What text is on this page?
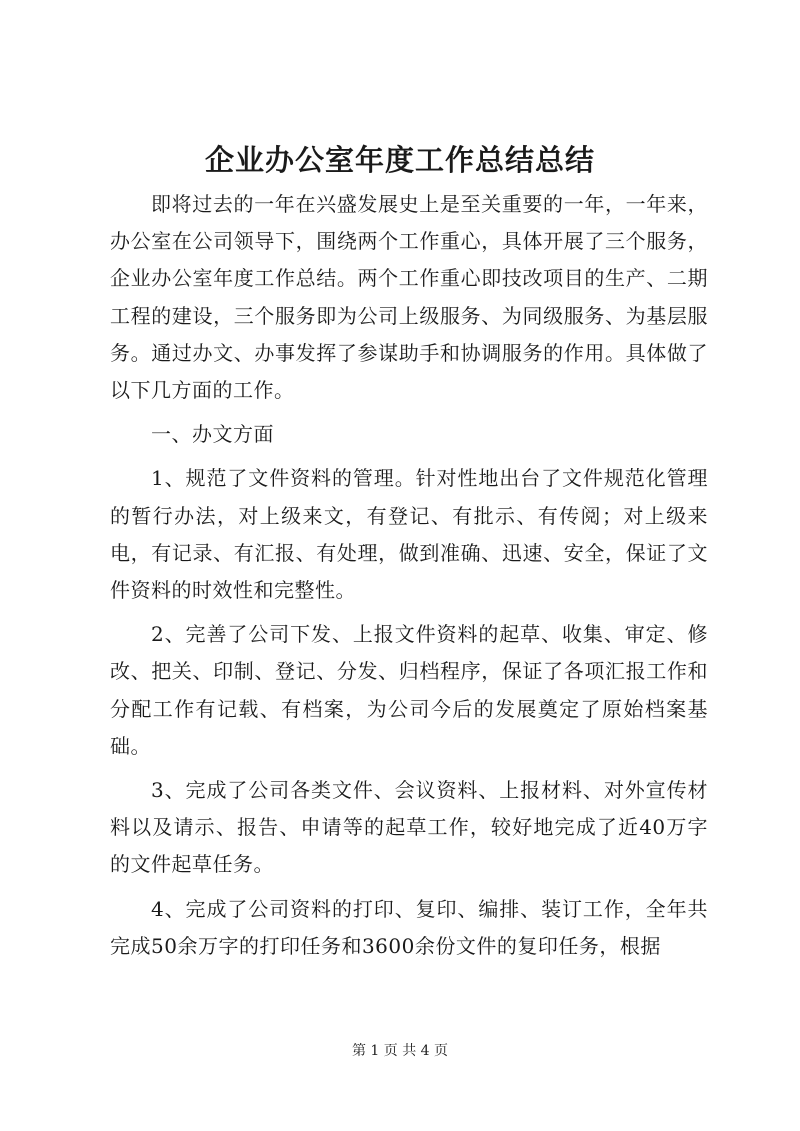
企业办公室年度工作总结总结

即将过去的一年在兴盛发展史上是至关重要的一年，一年来，办公室在公司领导下，围绕两个工作重心，具体开展了三个服务，企业办公室年度工作总结。两个工作重心即技改项目的生产、二期工程的建设，三个服务即为公司上级服务、为同级服务、为基层服务。通过办文、办事发挥了参谋助手和协调服务的作用。具体做了以下几方面的工作。

一、办文方面

1、规范了文件资料的管理。针对性地出台了文件规范化管理的暂行办法，对上级来文，有登记、有批示、有传阅；对上级来电，有记录、有汇报、有处理，做到准确、迅速、安全，保证了文件资料的时效性和完整性。

2、完善了公司下发、上报文件资料的起草、收集、审定、修改、把关、印制、登记、分发、归档程序，保证了各项汇报工作和分配工作有记载、有档案，为公司今后的发展奠定了原始档案基础。

3、完成了公司各类文件、会议资料、上报材料、对外宣传材料以及请示、报告、申请等的起草工作，较好地完成了近40万字的文件起草任务。

4、完成了公司资料的打印、复印、编排、装订工作，全年共完成50余万字的打印任务和3600余份文件的复印任务，根据

第 1 页 共 4 页
